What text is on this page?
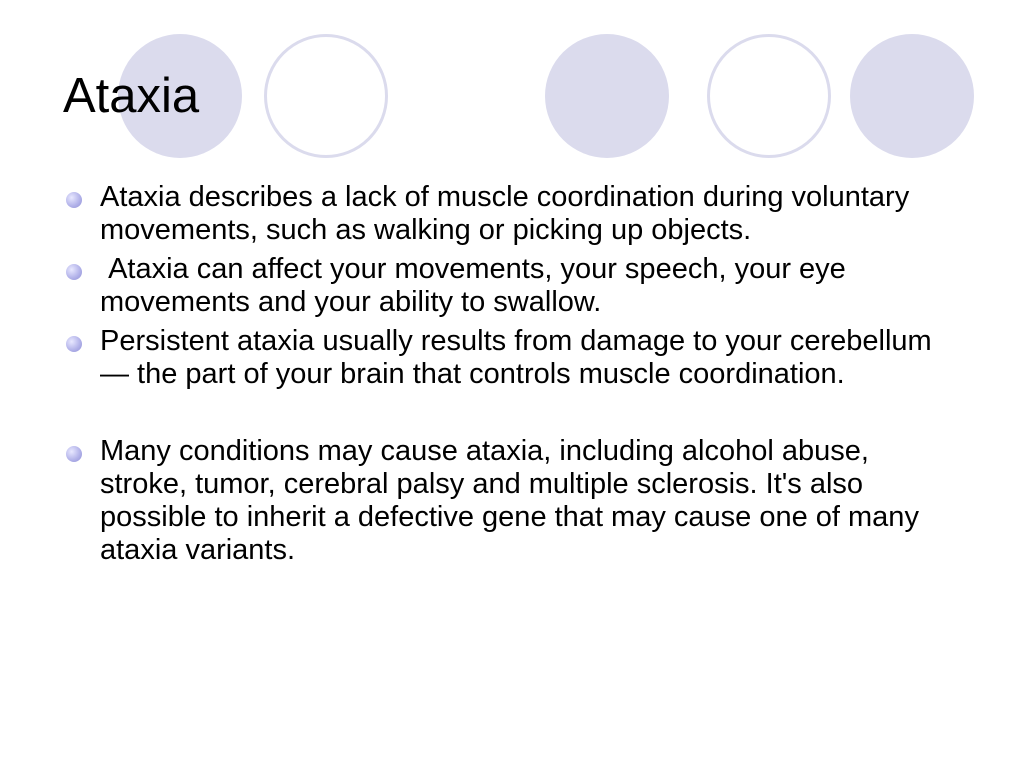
Ataxia
Ataxia describes a lack of muscle coordination during voluntary movements, such as walking or picking up objects.
Ataxia can affect your movements, your speech, your eye movements and your ability to swallow.
Persistent ataxia usually results from damage to your cerebellum — the part of your brain that controls muscle coordination.
Many conditions may cause ataxia, including alcohol abuse, stroke, tumor, cerebral palsy and multiple sclerosis. It's also possible to inherit a defective gene that may cause one of many ataxia variants.
